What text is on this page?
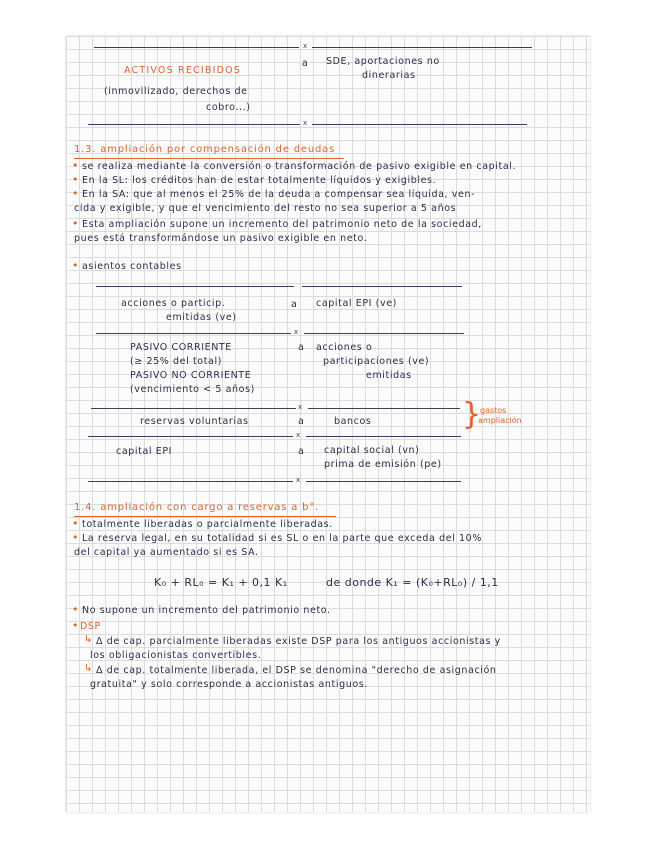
x
ACTIVOS RECIBIDOS
(inmovilizado, derechos de
cobro...)
a SDE, aportaciones no
dinerarias
x
1.3. ampliación por compensación de deudas
• se realiza mediante la conversión o transformación de pasivo exigible en capital.
• En la SL: los créditos han de estar totalmente líquidos y exigibles.
• En la SA: que al menos el 25% de la deuda a compensar sea líquida, ven-
cida y exigible, y que el vencimiento del resto no sea superior a 5 años
• Esta ampliación supone un incremento del patrimonio neto de la sociedad,
pues está transformándose un pasivo exigible en neto.
• asientos contables
acciones o particip.
emitidas (ve)
a capital EPI (ve)
x
PASIVO CORRIENTE
(≥ 25% del total)
PASIVO NO CORRIENTE
(vencimiento < 5 años)
a acciones o
participaciones (ve)
emitidas
x
reservas voluntarias	a	bancos	}
gastos
ampliación
x
capital EPI	a capital social (vn)
prima de emisión (pe)
x
1.4. ampliación con cargo a reservas a b°.
• totalmente liberadas o parcialmente liberadas.
• La reserva legal, en su totalidad si es SL o en la parte que exceda del 10%
del capital ya aumentado si es SA.
K₀ + RL₀ = K₁ + 0,1 K₁	de donde K₁ = (K₀+RL₀) / 1,1
• No supone un incremento del patrimonio neto.
• DSP
↳ Δ de cap. parcialmente liberadas existe DSP para los antiguos accionistas y
los obligacionistas convertibles.
↳ Δ de cap. totalmente liberada, el DSP se denomina "derecho de asignación
gratuita" y solo corresponde a accionistas antiguos.
